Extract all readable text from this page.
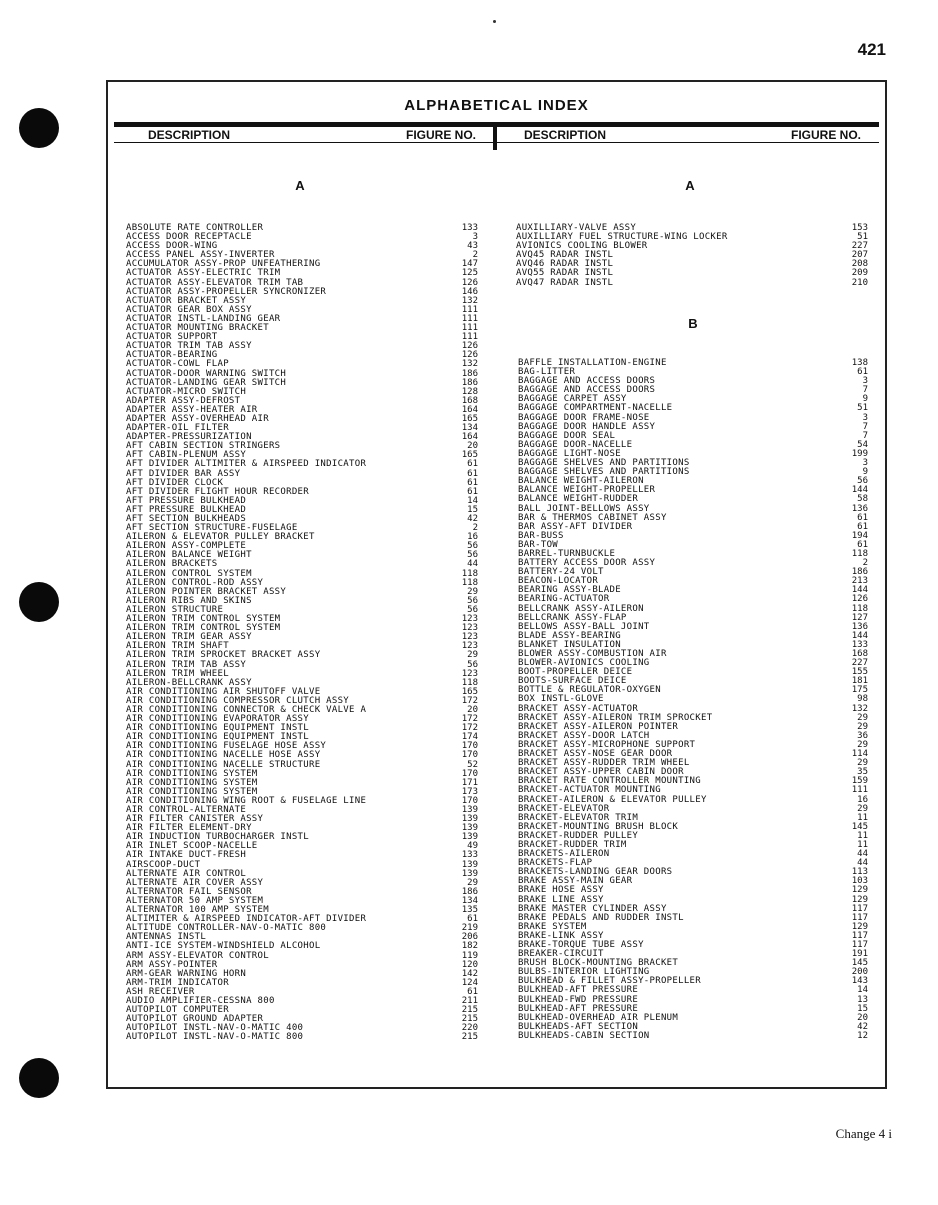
421
ALPHABETICAL INDEX
DESCRIPTION	FIGURE NO.	DESCRIPTION	FIGURE NO.
A	A
B
ABSOLUTE RATE CONTROLLER	133
ACCESS DOOR RECEPTACLE	3
ACCESS DOOR-WING	43
ACCESS PANEL ASSY-INVERTER	2
ACCUMULATOR ASSY-PROP UNFEATHERING	147
ACTUATOR ASSY-ELECTRIC TRIM	125
ACTUATOR ASSY-ELEVATOR TRIM TAB	126
ACTUATOR ASSY-PROPELLER SYNCRONIZER	146
ACTUATOR BRACKET ASSY	132
ACTUATOR GEAR BOX ASSY	111
ACTUATOR INSTL-LANDING GEAR	111
ACTUATOR MOUNTING BRACKET	111
ACTUATOR SUPPORT	111
ACTUATOR TRIM TAB ASSY	126
ACTUATOR-BEARING	126
ACTUATOR-COWL FLAP	132
ACTUATOR-DOOR WARNING SWITCH	186
ACTUATOR-LANDING GEAR SWITCH	186
ACTUATOR-MICRO SWITCH	128
ADAPTER ASSY-DEFROST	168
ADAPTER ASSY-HEATER AIR	164
ADAPTER ASSY-OVERHEAD AIR	165
ADAPTER-OIL FILTER	134
ADAPTER-PRESSURIZATION	164
AFT CABIN SECTION STRINGERS	20
AFT CABIN-PLENUM ASSY	165
AFT DIVIDER ALTIMITER & AIRSPEED INDICATOR	61
AFT DIVIDER BAR ASSY	61
AFT DIVIDER CLOCK	61
AFT DIVIDER FLIGHT HOUR RECORDER	61
AFT PRESSURE BULKHEAD	14
AFT PRESSURE BULKHEAD	15
AFT SECTION BULKHEADS	42
AFT SECTION STRUCTURE-FUSELAGE	2
AILERON & ELEVATOR PULLEY BRACKET	16
AILERON ASSY-COMPLETE	56
AILERON BALANCE WEIGHT	56
AILERON BRACKETS	44
AILERON CONTROL SYSTEM	118
AILERON CONTROL-ROD ASSY	118
AILERON POINTER BRACKET ASSY	29
AILERON RIBS AND SKINS	56
AILERON STRUCTURE	56
AILERON TRIM CONTROL SYSTEM	123
AILERON TRIM CONTROL SYSTEM	123
AILERON TRIM GEAR ASSY	123
AILERON TRIM SHAFT	123
AILERON TRIM SPROCKET BRACKET ASSY	29
AILERON TRIM TAB ASSY	56
AILERON TRIM WHEEL	123
AILERON-BELLCRANK ASSY	118
AIR CONDITIONING AIR SHUTOFF VALVE	165
AIR CONDITIONING COMPRESSOR CLUTCH ASSY	172
AIR CONDITIONING CONNECTOR & CHECK VALVE A	20
AIR CONDITIONING EVAPORATOR ASSY	172
AIR CONDITIONING EQUIPMENT INSTL	172
AIR CONDITIONING EQUIPMENT INSTL	174
AIR CONDITIONING FUSELAGE HOSE ASSY	170
AIR CONDITIONING NACELLE HOSE ASSY	170
AIR CONDITIONING NACELLE STRUCTURE	52
AIR CONDITIONING SYSTEM	170
AIR CONDITIONING SYSTEM	171
AIR CONDITIONING SYSTEM	173
AIR CONDITIONING WING ROOT & FUSELAGE LINE	170
AIR CONTROL-ALTERNATE	139
AIR FILTER CANISTER ASSY	139
AIR FILTER ELEMENT-DRY	139
AIR INDUCTION TURBOCHARGER INSTL	139
AIR INLET SCOOP-NACELLE	49
AIR INTAKE DUCT-FRESH	133
AIRSCOOP-DUCT	139
ALTERNATE AIR CONTROL	139
ALTERNATE AIR COVER ASSY	29
ALTERNATOR FAIL SENSOR	186
ALTERNATOR 50 AMP SYSTEM	134
ALTERNATOR 100 AMP SYSTEM	135
ALTIMITER & AIRSPEED INDICATOR-AFT DIVIDER	61
ALTITUDE CONTROLLER-NAV-O-MATIC 800	219
ANTENNAS INSTL	206
ANTI-ICE SYSTEM-WINDSHIELD ALCOHOL	182
ARM ASSY-ELEVATOR CONTROL	119
ARM ASSY-POINTER	120
ARM-GEAR WARNING HORN	142
ARM-TRIM INDICATOR	124
ASH RECEIVER	61
AUDIO AMPLIFIER-CESSNA 800	211
AUTOPILOT COMPUTER	215
AUTOPILOT GROUND ADAPTER	215
AUTOPILOT INSTL-NAV-O-MATIC 400	220
AUTOPILOT INSTL-NAV-O-MATIC 800	215
AUXILLIARY-VALVE ASSY	153
AUXILLIARY FUEL STRUCTURE-WING LOCKER	51
AVIONICS COOLING BLOWER	227
AVQ45 RADAR INSTL	207
AVQ46 RADAR INSTL	208
AVQ55 RADAR INSTL	209
AVQ47 RADAR INSTL	210
BAFFLE INSTALLATION-ENGINE	138
BAG-LITTER	61
BAGGAGE AND ACCESS DOORS	3
BAGGAGE AND ACCESS DOORS	7
BAGGAGE CARPET ASSY	9
BAGGAGE COMPARTMENT-NACELLE	51
BAGGAGE DOOR FRAME-NOSE	3
BAGGAGE DOOR HANDLE ASSY	7
BAGGAGE DOOR SEAL	7
BAGGAGE DOOR-NACELLE	54
BAGGAGE LIGHT-NOSE	199
BAGGAGE SHELVES AND PARTITIONS	3
BAGGAGE SHELVES AND PARTITIONS	9
BALANCE WEIGHT-AILERON	56
BALANCE WEIGHT-PROPELLER	144
BALANCE WEIGHT-RUDDER	58
BALL JOINT-BELLOWS ASSY	136
BAR & THERMOS CABINET ASSY	61
BAR ASSY-AFT DIVIDER	61
BAR-BUSS	194
BAR-TOW	61
BARREL-TURNBUCKLE	118
BATTERY ACCESS DOOR ASSY	2
BATTERY-24 VOLT	186
BEACON-LOCATOR	213
BEARING ASSY-BLADE	144
BEARING-ACTUATOR	126
BELLCRANK ASSY-AILERON	118
BELLCRANK ASSY-FLAP	127
BELLOWS ASSY-BALL JOINT	136
BLADE ASSY-BEARING	144
BLANKET INSULATION	133
BLOWER ASSY-COMBUSTION AIR	168
BLOWER-AVIONICS COOLING	227
BOOT-PROPELLER DEICE	155
BOOTS-SURFACE DEICE	181
BOTTLE & REGULATOR-OXYGEN	175
BOX INSTL-GLOVE	98
BRACKET ASSY-ACTUATOR	132
BRACKET ASSY-AILERON TRIM SPROCKET	29
BRACKET ASSY-AILERON POINTER	29
BRACKET ASSY-DOOR LATCH	36
BRACKET ASSY-MICROPHONE SUPPORT	29
BRACKET ASSY-NOSE GEAR DOOR	114
BRACKET ASSY-RUDDER TRIM WHEEL	29
BRACKET ASSY-UPPER CABIN DOOR	35
BRACKET RATE CONTROLLER MOUNTING	159
BRACKET-ACTUATOR MOUNTING	111
BRACKET-AILERON & ELEVATOR PULLEY	16
BRACKET-ELEVATOR	29
BRACKET-ELEVATOR TRIM	11
BRACKET-MOUNTING BRUSH BLOCK	145
BRACKET-RUDDER PULLEY	11
BRACKET-RUDDER TRIM	11
BRACKETS-AILERON	44
BRACKETS-FLAP	44
BRACKETS-LANDING GEAR DOORS	113
BRAKE ASSY-MAIN GEAR	103
BRAKE HOSE ASSY	129
BRAKE LINE ASSY	129
BRAKE MASTER CYLINDER ASSY	117
BRAKE PEDALS AND RUDDER INSTL	117
BRAKE SYSTEM	129
BRAKE-LINK ASSY	117
BRAKE-TORQUE TUBE ASSY	117
BREAKER-CIRCUIT	191
BRUSH BLOCK-MOUNTING BRACKET	145
BULBS-INTERIOR LIGHTING	200
BULKHEAD & FILLET ASSY-PROPELLER	143
BULKHEAD-AFT PRESSURE	14
BULKHEAD-FWD PRESSURE	13
BULKHEAD-AFT PRESSURE	15
BULKHEAD-OVERHEAD AIR PLENUM	20
BULKHEADS-AFT SECTION	42
BULKHEADS-CABIN SECTION	12
Change 4 i
